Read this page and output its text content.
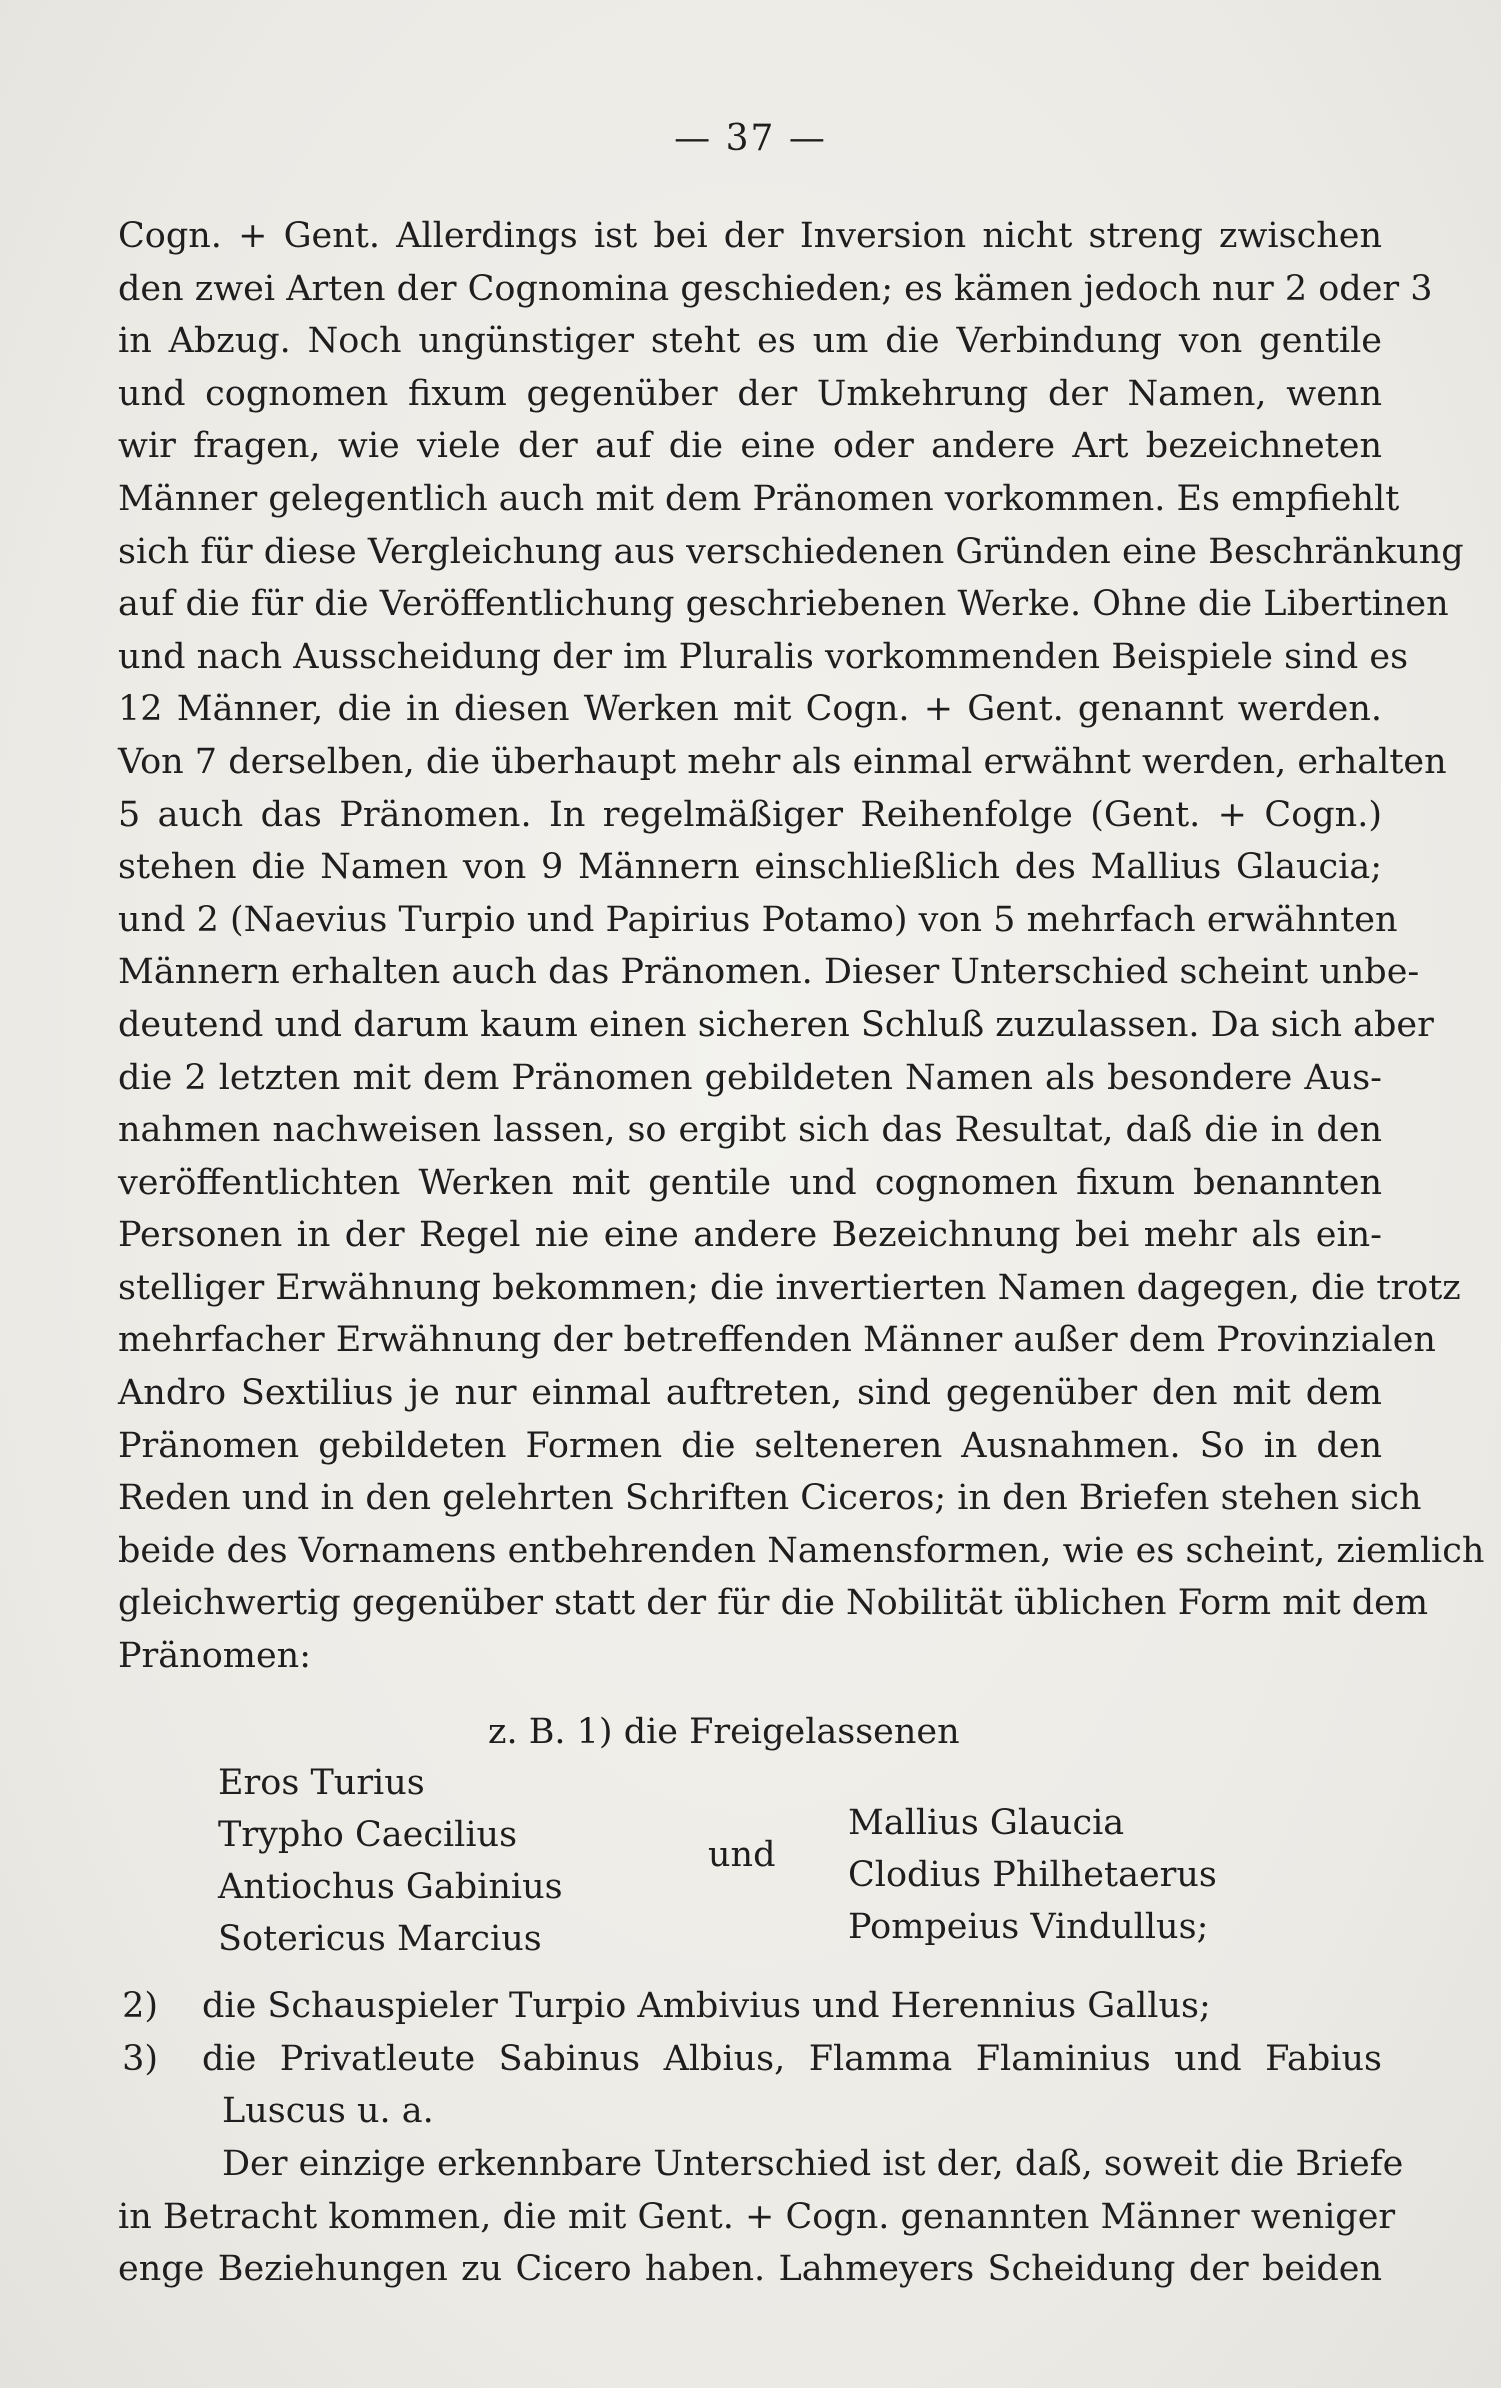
— 37 —
Cogn. + Gent. Allerdings ist bei der Inversion nicht streng zwischen
den zwei Arten der Cognomina geschieden; es kämen jedoch nur 2 oder 3
in Abzug. Noch ungünstiger steht es um die Verbindung von gentile
und cognomen fixum gegenüber der Umkehrung der Namen, wenn
wir fragen, wie viele der auf die eine oder andere Art bezeichneten
Männer gelegentlich auch mit dem Pränomen vorkommen. Es empfiehlt
sich für diese Vergleichung aus verschiedenen Gründen eine Beschränkung
auf die für die Veröffentlichung geschriebenen Werke. Ohne die Libertinen
und nach Ausscheidung der im Pluralis vorkommenden Beispiele sind es
12 Männer, die in diesen Werken mit Cogn. + Gent. genannt werden.
Von 7 derselben, die überhaupt mehr als einmal erwähnt werden, erhalten
5 auch das Pränomen. In regelmäßiger Reihenfolge (Gent. + Cogn.)
stehen die Namen von 9 Männern einschließlich des Mallius Glaucia;
und 2 (Naevius Turpio und Papirius Potamo) von 5 mehrfach erwähnten
Männern erhalten auch das Pränomen. Dieser Unterschied scheint unbe-
deutend und darum kaum einen sicheren Schluß zuzulassen. Da sich aber
die 2 letzten mit dem Pränomen gebildeten Namen als besondere Aus-
nahmen nachweisen lassen, so ergibt sich das Resultat, daß die in den
veröffentlichten Werken mit gentile und cognomen fixum benannten
Personen in der Regel nie eine andere Bezeichnung bei mehr als ein-
stelliger Erwähnung bekommen; die invertierten Namen dagegen, die trotz
mehrfacher Erwähnung der betreffenden Männer außer dem Provinzialen
Andro Sextilius je nur einmal auftreten, sind gegenüber den mit dem
Pränomen gebildeten Formen die selteneren Ausnahmen. So in den
Reden und in den gelehrten Schriften Ciceros; in den Briefen stehen sich
beide des Vornamens entbehrenden Namensformen, wie es scheint, ziemlich
gleichwertig gegenüber statt der für die Nobilität üblichen Form mit dem
Pränomen:
z. B. 1) die Freigelassenen
Eros Turius
Trypho Caecilius
Antiochus Gabinius
Sotericus Marcius
und
Mallius Glaucia
Clodius Philhetaerus
Pompeius Vindullus;
2)	die Schauspieler Turpio Ambivius und Herennius Gallus;
3)	die Privatleute Sabinus Albius, Flamma Flaminius und Fabius
Luscus u. a.
Der einzige erkennbare Unterschied ist der, daß, soweit die Briefe
in Betracht kommen, die mit Gent. + Cogn. genannten Männer weniger
enge Beziehungen zu Cicero haben. Lahmeyers Scheidung der beiden
